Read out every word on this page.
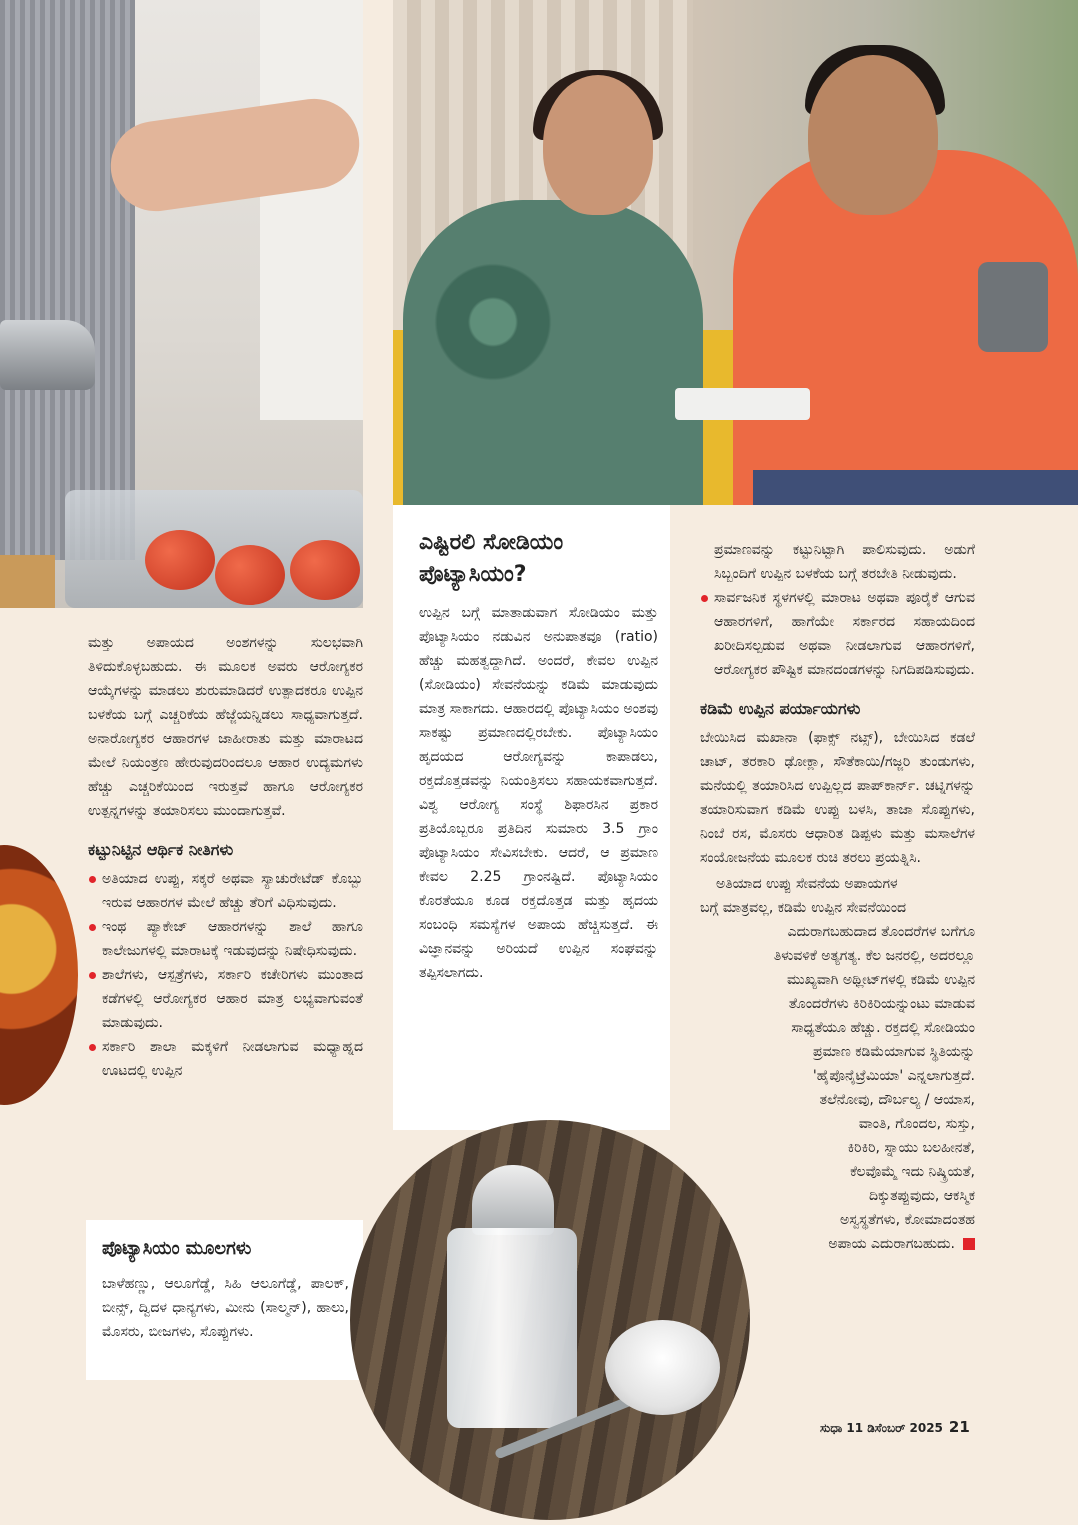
ಮತ್ತು ಅಪಾಯದ ಅಂಶಗಳನ್ನು ಸುಲಭವಾಗಿ ತಿಳಿದುಕೊಳ್ಳಬಹುದು. ಈ ಮೂಲಕ ಅವರು ಆರೋಗ್ಯಕರ ಆಯ್ಕೆಗಳನ್ನು ಮಾಡಲು ಶುರುಮಾಡಿದರೆ ಉತ್ಪಾದಕರೂ ಉಪ್ಪಿನ ಬಳಕೆಯ ಬಗ್ಗೆ ಎಚ್ಚರಿಕೆಯ ಹೆಜ್ಜೆಯನ್ನಿಡಲು ಸಾಧ್ಯವಾಗುತ್ತದೆ. ಅನಾರೋಗ್ಯಕರ ಆಹಾರಗಳ ಜಾಹೀರಾತು ಮತ್ತು ಮಾರಾಟದ ಮೇಲೆ ನಿಯಂತ್ರಣ ಹೇರುವುದರಿಂದಲೂ ಆಹಾರ ಉದ್ಯಮಗಳು ಹೆಚ್ಚು ಎಚ್ಚರಿಕೆಯಿಂದ ಇರುತ್ತವೆ ಹಾಗೂ ಆರೋಗ್ಯಕರ ಉತ್ಪನ್ನಗಳನ್ನು ತಯಾರಿಸಲು ಮುಂದಾಗುತ್ತವೆ.

ಕಟ್ಟುನಿಟ್ಟಿನ ಆರ್ಥಿಕ ನೀತಿಗಳು
ಅತಿಯಾದ ಉಪ್ಪು, ಸಕ್ಕರೆ ಅಥವಾ ಸ್ಯಾಚುರೇಟೆಡ್ ಕೊಬ್ಬು ಇರುವ ಆಹಾರಗಳ ಮೇಲೆ ಹೆಚ್ಚು ತೆರಿಗೆ ವಿಧಿಸುವುದು.
ಇಂಥ ಪ್ಯಾಕೇಜ್ ಆಹಾರಗಳನ್ನು ಶಾಲೆ ಹಾಗೂ ಕಾಲೇಜುಗಳಲ್ಲಿ ಮಾರಾಟಕ್ಕೆ ಇಡುವುದನ್ನು ನಿಷೇಧಿಸುವುದು.
ಶಾಲೆಗಳು, ಆಸ್ಪತ್ರೆಗಳು, ಸರ್ಕಾರಿ ಕಚೇರಿಗಳು ಮುಂತಾದ ಕಡೆಗಳಲ್ಲಿ ಆರೋಗ್ಯಕರ ಆಹಾರ ಮಾತ್ರ ಲಭ್ಯವಾಗುವಂತೆ ಮಾಡುವುದು.
ಸರ್ಕಾರಿ ಶಾಲಾ ಮಕ್ಕಳಿಗೆ ನೀಡಲಾಗುವ ಮಧ್ಯಾಹ್ನದ ಊಟದಲ್ಲಿ ಉಪ್ಪಿನ
ಪೊಟ್ಯಾಸಿಯಂ ಮೂಲಗಳು

ಬಾಳೆಹಣ್ಣು, ಆಲೂಗೆಡ್ಡೆ, ಸಿಹಿ ಆಲೂಗೆಡ್ಡೆ, ಪಾಲಕ್, ಬೀನ್ಸ್, ದ್ವಿದಳ ಧಾನ್ಯಗಳು, ಮೀನು (ಸಾಲ್ಮನ್), ಹಾಲು, ಮೊಸರು, ಬೀಜಗಳು, ಸೊಪ್ಪುಗಳು.

ಎಷ್ಟಿರಲಿ ಸೋಡಿಯಂ ಪೊಟ್ಯಾಸಿಯಂ?

ಉಪ್ಪಿನ ಬಗ್ಗೆ ಮಾತಾಡುವಾಗ ಸೋಡಿಯಂ ಮತ್ತು ಪೊಟ್ಯಾಸಿಯಂ ನಡುವಿನ ಅನುಪಾತವೂ (ratio) ಹೆಚ್ಚು ಮಹತ್ವದ್ದಾಗಿದೆ. ಅಂದರೆ, ಕೇವಲ ಉಪ್ಪಿನ (ಸೋಡಿಯಂ) ಸೇವನೆಯನ್ನು ಕಡಿಮೆ ಮಾಡುವುದು ಮಾತ್ರ ಸಾಕಾಗದು. ಆಹಾರದಲ್ಲಿ ಪೊಟ್ಯಾಸಿಯಂ ಅಂಶವು ಸಾಕಷ್ಟು ಪ್ರಮಾಣದಲ್ಲಿರಬೇಕು. ಪೊಟ್ಯಾಸಿಯಂ ಹೃದಯದ ಆರೋಗ್ಯವನ್ನು ಕಾಪಾಡಲು, ರಕ್ತದೊತ್ತಡವನ್ನು ನಿಯಂತ್ರಿಸಲು ಸಹಾಯಕವಾಗುತ್ತದೆ. ವಿಶ್ವ ಆರೋಗ್ಯ ಸಂಸ್ಥೆ ಶಿಫಾರಸಿನ ಪ್ರಕಾರ ಪ್ರತಿಯೊಬ್ಬರೂ ಪ್ರತಿದಿನ ಸುಮಾರು 3.5 ಗ್ರಾಂ ಪೊಟ್ಯಾಸಿಯಂ ಸೇವಿಸಬೇಕು. ಆದರೆ, ಆ ಪ್ರಮಾಣ ಕೇವಲ 2.25 ಗ್ರಾಂನಷ್ಟಿದೆ. ಪೊಟ್ಯಾಸಿಯಂ ಕೊರತೆಯೂ ಕೂಡ ರಕ್ತದೊತ್ತಡ ಮತ್ತು ಹೃದಯ ಸಂಬಂಧಿ ಸಮಸ್ಯೆಗಳ ಅಪಾಯ ಹೆಚ್ಚಿಸುತ್ತದೆ. ಈ ವಿಜ್ಞಾನವನ್ನು ಅರಿಯದೆ ಉಪ್ಪಿನ ಸಂಘವನ್ನು ತಪ್ಪಿಸಲಾಗದು.

ಪ್ರಮಾಣವನ್ನು ಕಟ್ಟುನಿಟ್ಟಾಗಿ ಪಾಲಿಸುವುದು. ಅಡುಗೆ ಸಿಬ್ಬಂದಿಗೆ ಉಪ್ಪಿನ ಬಳಕೆಯ ಬಗ್ಗೆ ತರಬೇತಿ ನೀಡುವುದು.

ಸಾರ್ವಜನಿಕ ಸ್ಥಳಗಳಲ್ಲಿ ಮಾರಾಟ ಅಥವಾ ಪೂರೈಕೆ ಆಗುವ ಆಹಾರಗಳಿಗೆ, ಹಾಗೆಯೇ ಸರ್ಕಾರದ ಸಹಾಯದಿಂದ ಖರೀದಿಸಲ್ಪಡುವ ಅಥವಾ ನೀಡಲಾಗುವ ಆಹಾರಗಳಿಗೆ, ಆರೋಗ್ಯಕರ ಪೌಷ್ಟಿಕ ಮಾನದಂಡಗಳನ್ನು ನಿಗದಿಪಡಿಸುವುದು.
ಕಡಿಮೆ ಉಪ್ಪಿನ ಪರ್ಯಾಯಗಳು

ಬೇಯಿಸಿದ ಮಖಾನಾ (ಫಾಕ್ಸ್ ನಟ್ಸ್), ಬೇಯಿಸಿದ ಕಡಲೆ ಚಾಟ್, ತರಕಾರಿ ಢೋಕ್ಲಾ, ಸೌತೆಕಾಯಿ/ಗಜ್ಜರಿ ತುಂಡುಗಳು, ಮನೆಯಲ್ಲಿ ತಯಾರಿಸಿದ ಉಪ್ಪಿಲ್ಲದ ಪಾಪ್‌ಕಾರ್ನ್. ಚಟ್ನಿಗಳನ್ನು ತಯಾರಿಸುವಾಗ ಕಡಿಮೆ ಉಪ್ಪು ಬಳಸಿ, ತಾಜಾ ಸೊಪ್ಪುಗಳು, ನಿಂಬೆ ರಸ, ಮೊಸರು ಆಧಾರಿತ ಡಿಪ್ಪಳು ಮತ್ತು ಮಸಾಲೆಗಳ ಸಂಯೋಜನೆಯ ಮೂಲಕ ರುಚಿ ತರಲು ಪ್ರಯತ್ನಿಸಿ.

ಅತಿಯಾದ ಉಪ್ಪು ಸೇವನೆಯ ಅಪಾಯಗಳ
ಬಗ್ಗೆ ಮಾತ್ರವಲ್ಲ, ಕಡಿಮೆ ಉಪ್ಪಿನ ಸೇವನೆಯಿಂದ
ಎದುರಾಗಬಹುದಾದ ತೊಂದರೆಗಳ ಬಗೆಗೂ
ತಿಳುವಳಿಕೆ ಅತ್ಯಗತ್ಯ. ಕೆಲ ಜನರಲ್ಲಿ, ಅದರಲ್ಲೂ
ಮುಖ್ಯವಾಗಿ ಅಥ್ಲೀಟ್‌ಗಳಲ್ಲಿ ಕಡಿಮೆ ಉಪ್ಪಿನ
ತೊಂದರೆಗಳು ಕಿರಿಕಿರಿಯನ್ನುಂಟು ಮಾಡುವ
ಸಾಧ್ಯತೆಯೂ ಹೆಚ್ಚು. ರಕ್ತದಲ್ಲಿ ಸೋಡಿಯಂ
ಪ್ರಮಾಣ ಕಡಿಮೆಯಾಗುವ ಸ್ಥಿತಿಯನ್ನು
'ಹೈಪೊನೈಟ್ರೆಮಿಯಾ' ಎನ್ನಲಾಗುತ್ತದೆ.
ತಲೆನೋವು, ದೌರ್ಬಲ್ಯ / ಆಯಾಸ,
ವಾಂತಿ, ಗೊಂದಲ, ಸುಸ್ತು,
ಕಿರಿಕಿರಿ, ಸ್ನಾಯು ಬಲಹೀನತೆ,
ಕೆಲವೊಮ್ಮೆ ಇದು ನಿಷ್ಕ್ರಿಯತೆ,
ದಿಕ್ಕುತಪ್ಪುವುದು, ಆಕಸ್ಮಿಕ
ಅಸ್ವಸ್ಥತೆಗಳು, ಕೋಮಾದಂತಹ
ಅಪಾಯ ಎದುರಾಗಬಹುದು.
ಸುಧಾ 11 ಡಿಸೆಂಬರ್ 2025 21
